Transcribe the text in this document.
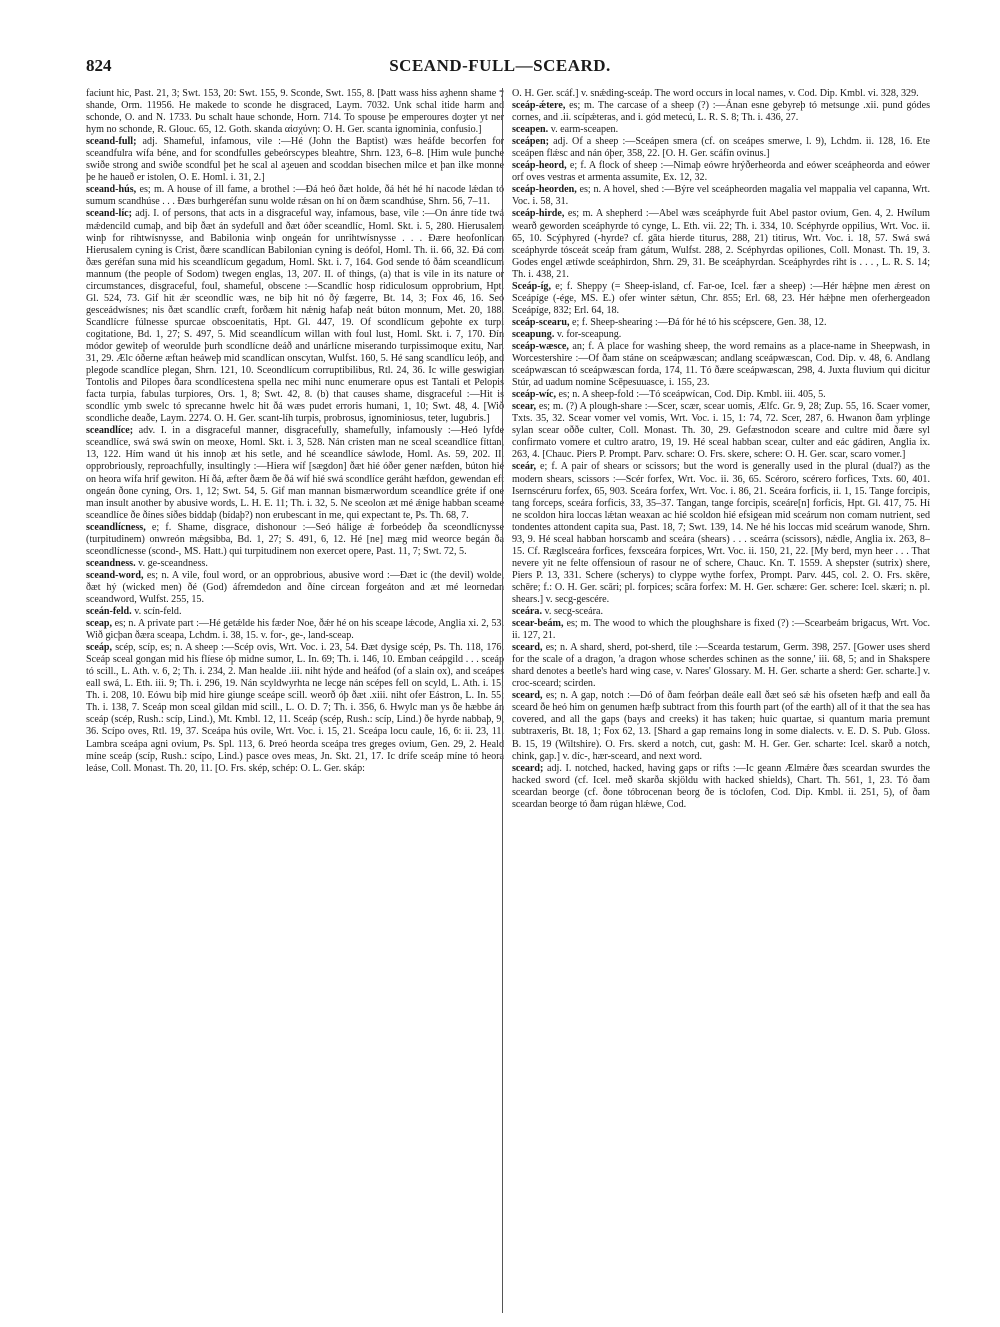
824	SCEAND-FULL—SCEARD.

faciunt hic, Past. 21, 3; Swt. 153, 20: Swt. 155, 9. Sconde, Swt. 155, 8. [Þatt wass hiss aȝhenn shame ⁊ shande, Orm. 11956. He makede to sconde he disgraced, Laym. 7032. Unk schal itide harm and schonde, O. and N. 1733. Þu schalt haue schonde, Horn. 714. To spouse þe emperoures doȝter yt ner hym no schonde, R. Glouc. 65, 12. Goth. skanda αἰσχύνη: O. H. Ger. scanta ignominia, confusio.]

sceand-full; adj. Shameful, infamous, vile :—Hé (John the Baptist) wæs heáfde becorfen for sceandfulra wífa béne, and for scondfulles gebeórscypes bleahtre, Shrn. 123, 6–8. [Him wule þunche swiðe strong and swiðe scondful þet he scal al aȝeuen and scoddan bisechen milce et þan ilke monne þe he haueð er istolen, O. E. Homl. i. 31, 2.]

sceand-hús, es; m. A house of ill fame, a brothel :—Ðá heó ðæt holde, ðá hét hé hí nacode lǽdan tó sumum scandhúse . . . Ðæs burhgeréfan sunu wolde rǽsan on hí on ðæm scandhúse, Shrn. 56, 7–11.

sceand-líc; adj. I. of persons, that acts in a disgraceful way, infamous, base, vile :—On ánre tíde twá mǽdencild cumaþ, and biþ ðæt án sydefull and ðæt óðer sceandlíc, Homl. Skt. i. 5, 280. Hierusalem winþ for rihtwísnysse, and Babilonia winþ ongeán for unrihtwísnysse . . . Ðære heofonlícan Hierusalem cyning is Crist, ðære scandlícan Babilonian cyning is deófol, Homl. Th. ii. 66, 32. Ðá com ðæs geréfan suna mid his sceandlícum gegadum, Homl. Skt. i. 7, 164. God sende tó ðám sceandlícum mannum (the people of Sodom) twegen englas, 13, 207. II. of things, (a) that is vile in its nature or circumstances, disgraceful, foul, shameful, obscene :—Scandlíc hosp ridiculosum opprobrium, Hpt. Gl. 524, 73. Gif hit ǽr sceondlíc wæs, ne biþ hit nó ðý fægerre, Bt. 14, 3; Fox 46, 16. Seó gesceádwísnes; nis ðæt scandlíc cræft, forðæm hit nǽnig hafaþ neát búton monnum, Met. 20, 188. Scandlícre fúlnesse spurcae obscoenitatis, Hpt. Gl. 447, 19. Of scondlícum geþohte ex turpi cogitatione, Bd. 1, 27; S. 497, 5. Mid sceandlícum willan with foul lust, Homl. Skt. i. 7, 170. Ðín módor gewiteþ of weorulde þurh scondlícne deáð and unárlícne miserando turpissimoque exitu, Nar. 31, 29. Ælc óðerne æftan heáweþ mid scandlícan onscytan, Wulfst. 160, 5. Hé sang scandlícu leóþ, and plegode scandlíce plegan, Shrn. 121, 10. Sceondlícum corruptibilibus, Rtl. 24, 36. Ic wille geswigian Tontolis and Pilopes ðara scondlícestena spella nec mihi nunc enumerare opus est Tantali et Pelopis facta turpia, fabulas turpiores, Ors. 1, 8; Swt. 42, 8. (b) that causes shame, disgraceful :—Hit is scondlíc ymb swelc tó sprecanne hwelc hit ðá wæs pudet erroris humani, 1, 10; Swt. 48, 4. [Wið scondliche deaðe, Laym. 2274. O. H. Ger. scant-líh turpis, probrosus, ignominiosus, teter, lugubris.]

sceandlíce; adv. I. in a disgraceful manner, disgracefully, shamefully, infamously :—Heó lyfde sceandlíce, swá swá swín on meoxe, Homl. Skt. i. 3, 528. Nán cristen man ne sceal sceandlíce fíttan, 13, 122. Hím wand út his innoþ æt his setle, and hé sceandlíce sáwlode, Homl. As. 59, 202. II. opprobriously, reproachfully, insultingly :—Hiera wíf [sægdon] ðæt hié óðer gener næfden, búton hié on heora wífa hrif gewiton. Hí ðá, æfter ðæm ðe ðá wíf hié swá scondlíce geráht hæfdon, gewendan eft ongeán ðone cyning, Ors. 1, 12; Swt. 54, 5. Gif man mannan bismærwordum sceandlíce gréte if one man insult another by abusive words, L. H. E. 11; Th. i. 32, 5. Ne sceolon æt mé ǽnige habban sceame sceandlíce ðe ðínes síðes biddaþ (bídaþ?) non erubescant in me, qui expectant te, Ps. Th. 68, 7.

sceandlícness, e; f. Shame, disgrace, dishonour :—Seó hálige ǽ forbeódeþ ða sceondlícnysse (turpitudinem) onwreón mǽgsibba, Bd. 1, 27; S. 491, 6, 12. Hé [ne] mæg mid weorce begán ða sceondlícnesse (scond-, MS. Hatt.) qui turpitudinem non exercet opere, Past. 11, 7; Swt. 72, 5.

sceandness. v. ge-sceandness.

sceand-word, es; n. A vile, foul word, or an opprobrious, abusive word :—Ðæt ic (the devil) wolde, ðæt hý (wicked men) ðé (God) áfremdedon and ðíne circean forgeáton and æt mé leornedan sceandword, Wulfst. 255, 15.

sceán-feld. v. scín-feld.

sceap, es; n. A private part :—Hé getǽlde his fæder Noe, ðǽr hé on his sceape lǽcode, Anglia xi. 2, 53. Wið gicþan ðæra sceapa, Lchdm. i. 38, 15. v. for-, ge-, land-sceap.

sceáp, scép, scíp, es; n. A sheep :—Scép ovis, Wrt. Voc. i. 23, 54. Ðæt dysige scép, Ps. Th. 118, 176. Sceáp sceal gongan mid his flíese óþ midne sumor, L. In. 69; Th. i. 146, 10. Emban ceápgild . . . sceáp tó scill., L. Ath. v. 6, 2; Th. i. 234, 2. Man healde .iii. niht hýde and heáfod (of a slain ox), and sceápes eall swá, L. Eth. iii. 9; Th. i. 296, 19. Nán scyldwyrhta ne lecge nán scépes fell on scyld, L. Ath. i. 15; Th. i. 208, 10. Eówu biþ mid hire giunge sceápe scill. weorð óþ ðæt .xiii. niht ofer Eástron, L. In. 55; Th. i. 138, 7. Sceáp mon sceal gildan mid scill., L. O. D. 7; Th. i. 356, 6. Hwylc man ys ðe hæbbe án sceáp (scép, Rush.: scíp, Lind.), Mt. Kmbl. 12, 11. Sceáp (scép, Rush.: scíp, Lind.) ðe hyrde nabbaþ, 9, 36. Scípo oves, Rtl. 19, 37. Sceápa hús ovile, Wrt. Voc. i. 15, 21. Sceápa locu caule, 16, 6: ii. 23, 11. Lambra sceápa agni ovium, Ps. Spl. 113, 6. Þreó heorda sceápa tres greges ovium, Gen. 29, 2. Heald míne sceáp (scíp, Rush.: scípo, Lind.) pasce oves meas, Jn. Skt. 21, 17. Ic drífe sceáp míne tó heora leáse, Coll. Monast. Th. 20, 11. [O. Frs. skép, schép: O. L. Ger. skáp:

O. H. Ger. scáf.] v. snǽding-sceáp. The word occurs in local names, v. Cod. Dip. Kmbl. vi. 328, 329.

sceáp-ǽtere, es; m. The carcase of a sheep (?) :—Ánan esne gebyreþ tó metsunge .xii. pund gódes cornes, and .ii. scípǽteras, and i. gód metecú, L. R. S. 8; Th. i. 436, 27.

sceapen. v. earm-sceapen.

sceápen; adj. Of a sheep :—Sceápen smera (cf. on sceápes smerwe, l. 9), Lchdm. ii. 128, 16. Ete sceápen flǽsc and nán óþer, 358, 22. [O. H. Ger. scáfín ovinus.]

sceáp-heord, e; f. A flock of sheep :—Nimaþ eówre hrýðerheorda and eówer sceápheorda and eówer orf oves vestras et armenta assumite, Ex. 12, 32.

sceáp-heorden, es; n. A hovel, shed :—Býre vel sceápheorden magalia vel mappalia vel capanna, Wrt. Voc. i. 58, 31.

sceáp-hirde, es; m. A shepherd :—Abel wæs sceáphyrde fuit Abel pastor ovium, Gen. 4, 2. Hwílum wearð geworden sceáphyrde tó cynge, L. Eth. vii. 22; Th. i. 334, 10. Scéphyrde oppilius, Wrt. Voc. ii. 65, 10. Scýphyred (-hyrde? cf. gāta hierde titurus, 288, 21) titirus, Wrt. Voc. i. 18, 57. Swá swá sceáphyrde tósceát sceáp fram gátum, Wulfst. 288, 2. Scéphyrdas opiliones, Coll. Monast. Th. 19, 3. Godes engel ætíwde sceáphirdon, Shrn. 29, 31. Be sceáphyrdan. Sceáphyrdes riht is . . . , L. R. S. 14; Th. i. 438, 21.

Sceáp-íg, e; f. Sheppy (= Sheep-island, cf. Far-oe, Icel. fær a sheep) :—Hér hǽþne men ǽrest on Sceápíge (-ége, MS. E.) ofer winter sǽtun, Chr. 855; Erl. 68, 23. Hér hǽþne men oferhergeadon Sceápíge, 832; Erl. 64, 18.

sceáp-scearu, e; f. Sheep-shearing :—Ðá fór hé tó his scépscere, Gen. 38, 12.

sceapung. v. for-sceapung.

sceáp-wæsce, an; f. A place for washing sheep, the word remains as a place-name in Sheepwash, in Worcestershire :—Of ðam stáne on sceápwæscan; andlang sceápwæscan, Cod. Dip. v. 48, 6. Andlang sceápwæscan tó sceápwæscan forda, 174, 11. Tó ðære sceápwæscan, 298, 4. Juxta fluvium qui dicitur Stúr, ad uadum nomine Scēpesuuasce, i. 155, 23.

sceáp-wíc, es; n. A sheep-fold :—Tó sceápwícan, Cod. Dip. Kmbl. iii. 405, 5.

scear, es; m. (?) A plough-share :—Scer, scær, scear uomis, Ælfc. Gr. 9, 28; Zup. 55, 16. Scaer vomer, Txts. 35, 32. Scear vomer vel vomis, Wrt. Voc. i. 15, 1: 74, 72. Scer, 287, 6. Hwanon ðam yrþlinge sylan scear oððe culter, Coll. Monast. Th. 30, 29. Gefæstnodon sceare and cultre mid ðære syl confirmato vomere et cultro aratro, 19, 19. Hé sceal habban scear, culter and eác gádiren, Anglia ix. 263, 4. [Chauc. Piers P. Prompt. Parv. schare: O. Frs. skere, schere: O. H. Ger. scar, scaro vomer.]

sceár, e; f. A pair of shears or scissors; but the word is generally used in the plural (dual?) as the modern shears, scissors :—Scér forfex, Wrt. Voc. ii. 36, 65. Scéroro, scérero forfices, Txts. 60, 401. Isernscéruru forfex, 65, 903. Sceára forfex, Wrt. Voc. i. 86, 21. Sceára forficis, ii. 1, 15. Tange forcipis, tang forceps, sceára forficis, 33, 35–37. Tangan, tange forcipis, sceáre[n] forficis, Hpt. Gl. 417, 75. Hí ne scoldon hira loccas lǽtan weaxan ac hié scoldon hié efsigean mid sceárum non comam nutrient, sed tondentes attondent capita sua, Past. 18, 7; Swt. 139, 14. Ne hé his loccas mid sceárum wanode, Shrn. 93, 9. Hé sceal habban horscamb and sceára (shears) . . . sceárra (scissors), nǽdle, Anglia ix. 263, 8–15. Cf. Ræglsceára forfices, fexsceára forpices, Wrt. Voc. ii. 150, 21, 22. [My berd, myn heer . . . That nevere yit ne felte offensioun of rasour ne of schere, Chauc. Kn. T. 1559. A shepster (sutrix) shere, Piers P. 13, 331. Schere (scherys) to clyppe wythe forfex, Prompt. Parv. 445, col. 2. O. Frs. skēre, schēre; f.: O. H. Ger. scāri; pl. forpices; scāra forfex: M. H. Ger. schære: Ger. schere: Icel. skæri; n. pl. shears.] v. secg-gescére.

sceára. v. secg-sceára.

scear-beám, es; m. The wood to which the ploughshare is fixed (?) :—Scearbeám brigacus, Wrt. Voc. ii. 127, 21.

sceard, es; n. A shard, sherd, pot-sherd, tile :—Scearda testarum, Germ. 398, 257. [Gower uses sherd for the scale of a dragon, 'a dragon whose scherdes schinen as the sonne,' iii. 68, 5; and in Shakspere shard denotes a beetle's hard wing case, v. Nares' Glossary. M. H. Ger. scharte a sherd: Ger. scharte.] v. croc-sceard; scirden.

sceard, es; n. A gap, notch :—Dó of ðam feórþan deále eall ðæt seó sǽ his ofseten hæfþ and eall ða sceard ðe heó him on genumen hæfþ subtract from this fourth part (of the earth) all of it that the sea has covered, and all the gaps (bays and creeks) it has taken; huic quartae, si quantum maria premunt subtraxeris, Bt. 18, 1; Fox 62, 13. [Shard a gap remains long in some dialects. v. E. D. S. Pub. Gloss. B. 15, 19 (Wiltshire). O. Frs. skerd a notch, cut, gash: M. H. Ger. Ger. scharte: Icel. skarð a notch, chink, gap.] v. díc-, hær-sceard, and next word.

sceard; adj. I. notched, hacked, having gaps or rifts :—Ic geann Ælmǽre ðæs sceardan swurdes the hacked sword (cf. Icel. með skarða skjöldu with hacked shields), Chart. Th. 561, 1, 23. Tó ðam sceardan beorge (cf. ðone tóbrocenan beorg ðe is tóclofen, Cod. Dip. Kmbl. ii. 251, 5), of ðam sceardan beorge tó ðam rúgan hlǽwe, Cod.
